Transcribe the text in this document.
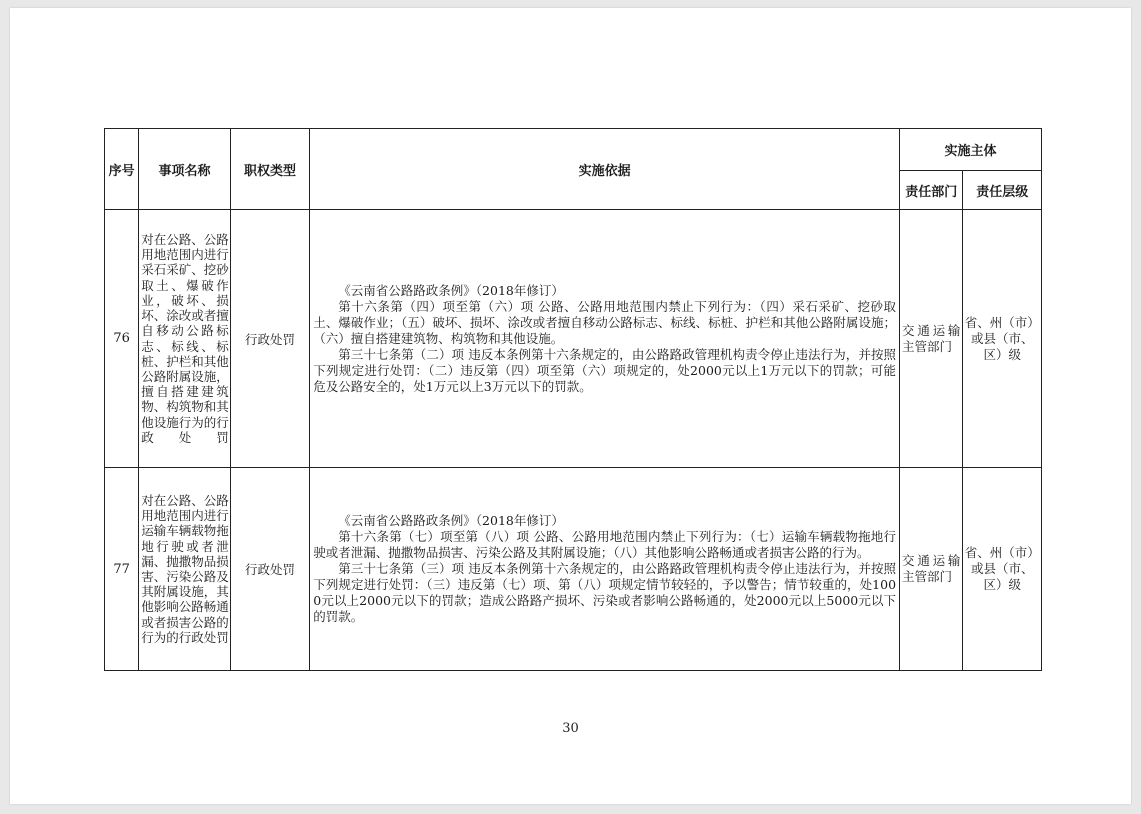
序号	事项名称	职权类型	实施依据	实施主体	
				责任部门	责任层级
76	对在公路、公路用地范围内进行采石采矿、挖砂取土、爆破作业，破坏、损坏、涂改或者擅自移动公路标志、标线、标桩、护栏和其他公路附属设施，擅自搭建建筑物、构筑物和其他设施行为的行政处罚	行政处罚	《云南省公路路政条例》（2018年修订）

第十六条第（四）项至第（六）项 公路、公路用地范围内禁止下列行为：（四）采石采矿、挖砂取土、爆破作业；（五）破坏、损坏、涂改或者擅自移动公路标志、标线、标桩、护栏和其他公路附属设施；（六）擅自搭建建筑物、构筑物和其他设施。

第三十七条第（二）项 违反本条例第十六条规定的，由公路路政管理机构责令停止违法行为，并按照下列规定进行处罚：（二）违反第（四）项至第（六）项规定的，处2000元以上1万元以下的罚款；可能危及公路安全的，处1万元以上3万元以下的罚款。	交通运输主管部门	省、州（市）或县（市、区）级
77	对在公路、公路用地范围内进行运输车辆载物拖地行驶或者泄漏、抛撒物品损害、污染公路及其附属设施，其他影响公路畅通或者损害公路的行为的行政处罚	行政处罚	《云南省公路路政条例》（2018年修订）

第十六条第（七）项至第（八）项 公路、公路用地范围内禁止下列行为：（七）运输车辆载物拖地行驶或者泄漏、抛撒物品损害、污染公路及其附属设施；（八）其他影响公路畅通或者损害公路的行为。

第三十七条第（三）项 违反本条例第十六条规定的，由公路路政管理机构责令停止违法行为，并按照下列规定进行处罚：（三）违反第（七）项、第（八）项规定情节较轻的，予以警告；情节较重的，处1000元以上2000元以下的罚款；造成公路路产损坏、污染或者影响公路畅通的，处2000元以上5000元以下的罚款。	交通运输主管部门	省、州（市）或县（市、区）级
30
